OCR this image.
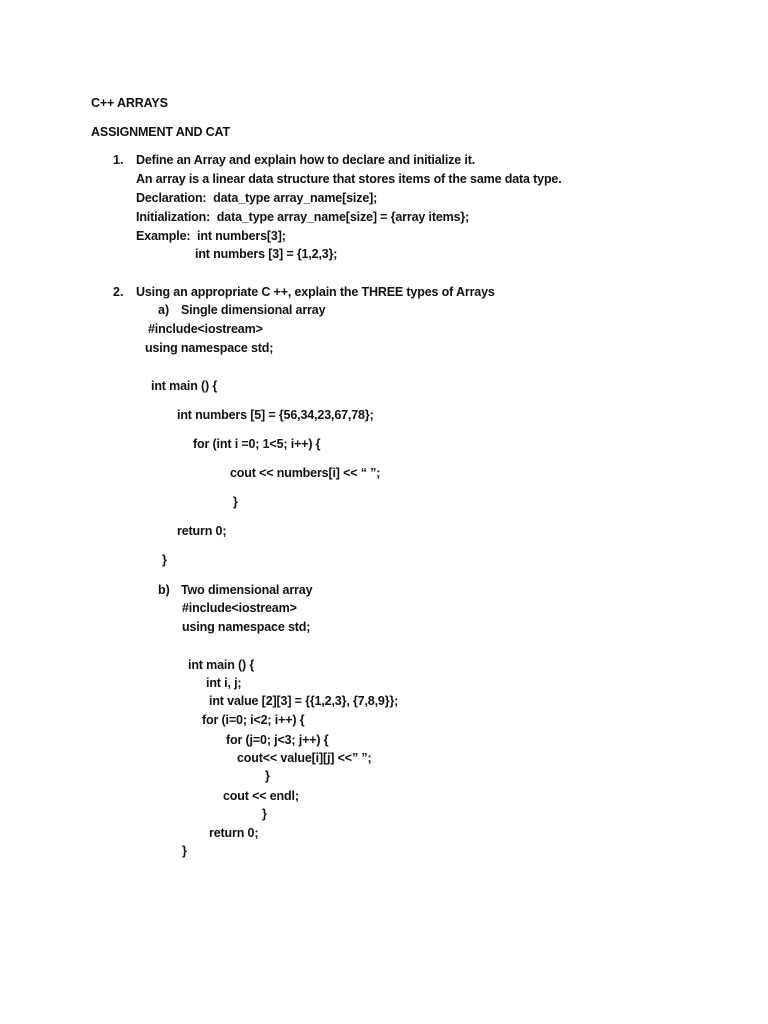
C++ ARRAYS
ASSIGNMENT AND CAT
1. Define an Array and explain how to declare and initialize it.
An array is a linear data structure that stores items of the same data type.
Declaration:  data_type array_name[size];
Initialization:  data_type array_name[size] = {array items};
Example:  int numbers[3];
int numbers [3] = {1,2,3};
2. Using an appropriate C ++, explain the THREE types of Arrays
a) Single dimensional array
#include<iostream>
using namespace std;
int main () {
int numbers [5] = {56,34,23,67,78};
for (int i =0; 1<5; i++) {
cout << numbers[i] << “ ”;
}
return 0;
}
b) Two dimensional array
#include<iostream>
using namespace std;
int main () {
int i, j;
int value [2][3] = {{1,2,3}, {7,8,9}};
for (i=0; i<2; i++) {
for (j=0; j<3; j++) {
cout<< value[i][j] <<” ”;
}
cout << endl;
}
return 0;
}
